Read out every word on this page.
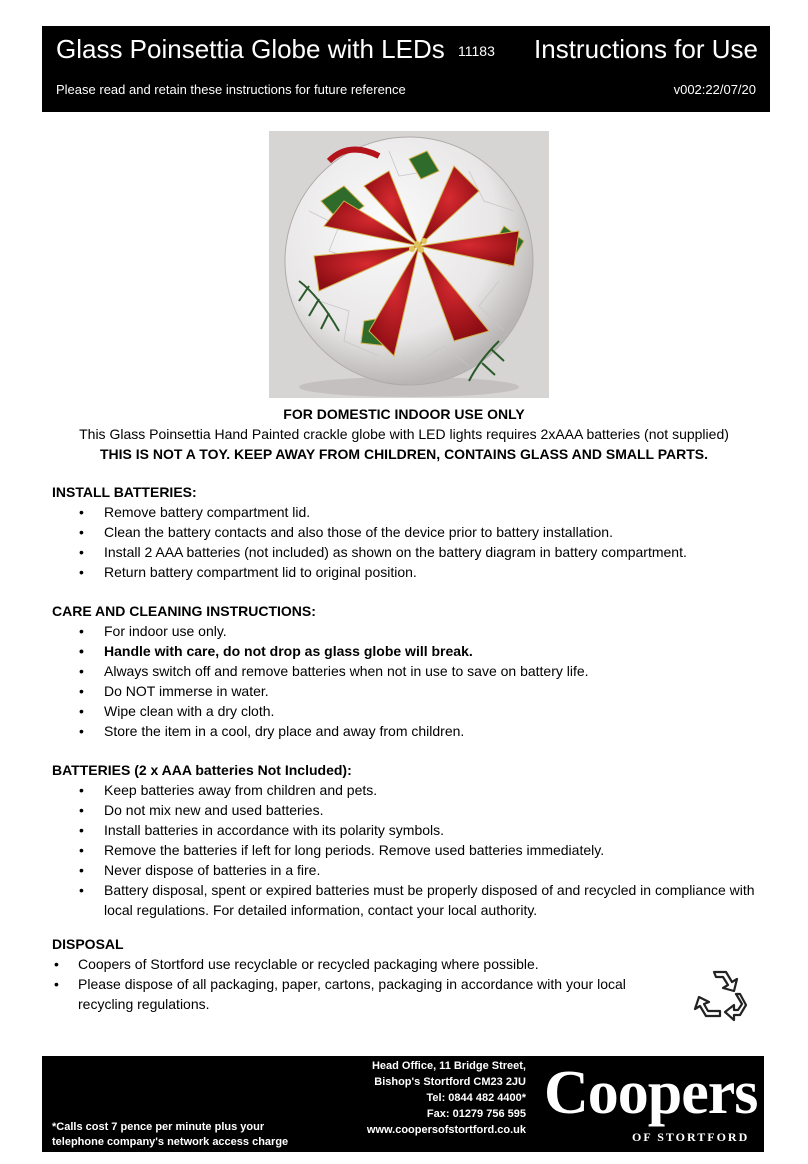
Glass Poinsettia Globe with LEDs 11183 Instructions for Use
Please read and retain these instructions for future reference	v002:22/07/20
FOR DOMESTIC INDOOR USE ONLY
This Glass Poinsettia Hand Painted crackle globe with LED lights requires 2xAAA batteries (not supplied)
THIS IS NOT A TOY. KEEP AWAY FROM CHILDREN, CONTAINS GLASS AND SMALL PARTS.
INSTALL BATTERIES:
• Remove battery compartment lid.
• Clean the battery contacts and also those of the device prior to battery installation.
• Install 2 AAA batteries (not included) as shown on the battery diagram in battery compartment.
• Return battery compartment lid to original position.
CARE AND CLEANING INSTRUCTIONS:
• For indoor use only.
• Handle with care, do not drop as glass globe will break.
• Always switch off and remove batteries when not in use to save on battery life.
• Do NOT immerse in water.
• Wipe clean with a dry cloth.
• Store the item in a cool, dry place and away from children.
BATTERIES (2 x AAA batteries Not Included):
• Keep batteries away from children and pets.
• Do not mix new and used batteries.
• Install batteries in accordance with its polarity symbols.
• Remove the batteries if left for long periods. Remove used batteries immediately.
• Never dispose of batteries in a fire.
• Battery disposal, spent or expired batteries must be properly disposed of and recycled in compliance with local regulations. For detailed information, contact your local authority.
DISPOSAL
• Coopers of Stortford use recyclable or recycled packaging where possible.
• Please dispose of all packaging, paper, cartons, packaging in accordance with your local recycling regulations.
Head Office, 11 Bridge Street,
Bishop's Stortford CM23 2JU
Tel: 0844 482 4400*
Fax: 01279 756 595
www.coopersofstortford.co.uk
*Calls cost 7 pence per minute plus your
telephone company's network access charge
Coopers
OF STORTFORD
